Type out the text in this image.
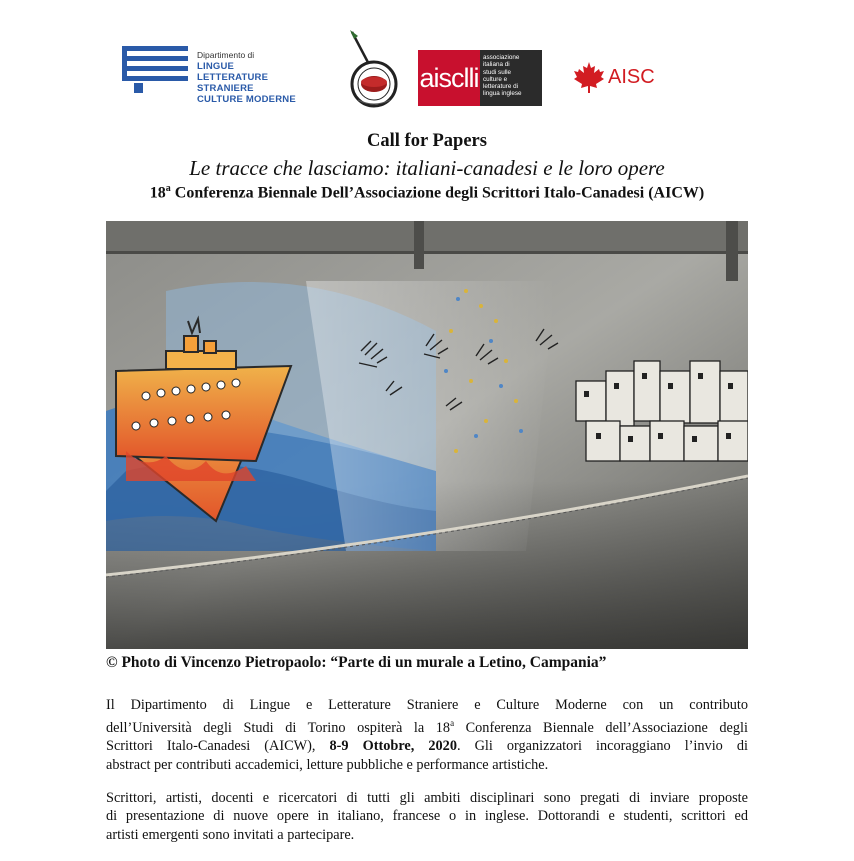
Dipartimento di
LINGUE
LETTERATURE STRANIERE
CULTURE MODERNE
aisclli
associazione
italiana di
studi sulle
culture e
letterature di
lingua inglese
AISC
Call for Papers
Le tracce che lasciamo: italiani-canadesi e le loro opere
18$^a$ Conferenza Biennale Dell’Associazione degli Scrittori Italo-Canadesi (AICW)
© Photo di Vincenzo Pietropaolo: “Parte di un murale a Letino, Campania”
Il Dipartimento di Lingue e Letterature Straniere e Culture Moderne con un contributo
dell’Università degli Studi di Torino ospiterà la 18$^a$ Conferenza Biennale dell’Associazione degli
Scrittori Italo-Canadesi (AICW), 8-9 Ottobre, 2020. Gli organizzatori incoraggiano l’invio di
abstract per contributi accademici, letture pubbliche e performance artistiche.
Scrittori, artisti, docenti e ricercatori di tutti gli ambiti disciplinari sono pregati di inviare proposte
di presentazione di nuove opere in italiano, francese o in inglese. Dottorandi e studenti, scrittori ed
artisti emergenti sono invitati a partecipare.
